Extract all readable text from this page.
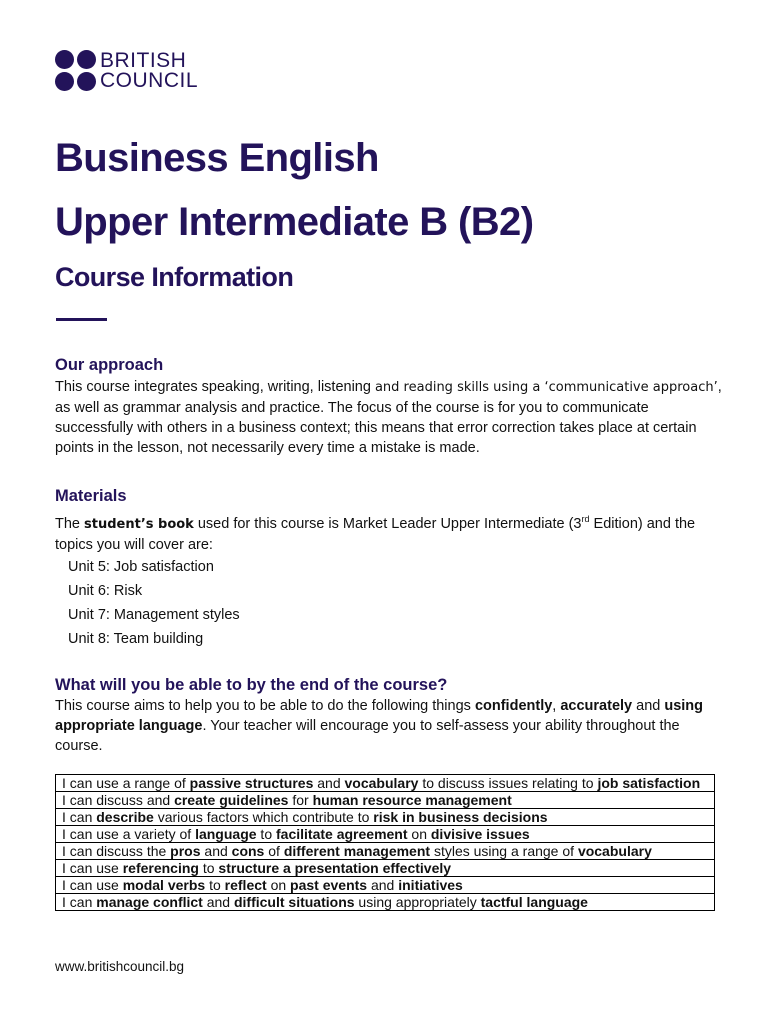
BRITISH
COUNCIL
Business English
Upper Intermediate B (B2)
Course Information
Our approach

This course integrates speaking, writing, listening and reading skills using a ‘communicative approach’, as well as grammar analysis and practice. The focus of the course is for you to communicate successfully with others in a business context; this means that error correction takes place at certain points in the lesson, not necessarily every time a mistake is made.

Materials

The student’s book used for this course is Market Leader Upper Intermediate (3rd Edition) and the topics you will cover are:

Unit 5: Job satisfaction
Unit 6: Risk
Unit 7: Management styles
Unit 8: Team building
What will you be able to by the end of the course?

This course aims to help you to be able to do the following things confidently, accurately and using appropriate language. Your teacher will encourage you to self-assess your ability throughout the course.

I can use a range of passive structures and vocabulary to discuss issues relating to job satisfaction
I can discuss and create guidelines for human resource management
I can describe various factors which contribute to risk in business decisions
I can use a variety of language to facilitate agreement on divisive issues
I can discuss the pros and cons of different management styles using a range of vocabulary
I can use referencing to structure a presentation effectively
I can use modal verbs to reflect on past events and initiatives
I can manage conflict and difficult situations using appropriately tactful language
www.britishcouncil.bg
